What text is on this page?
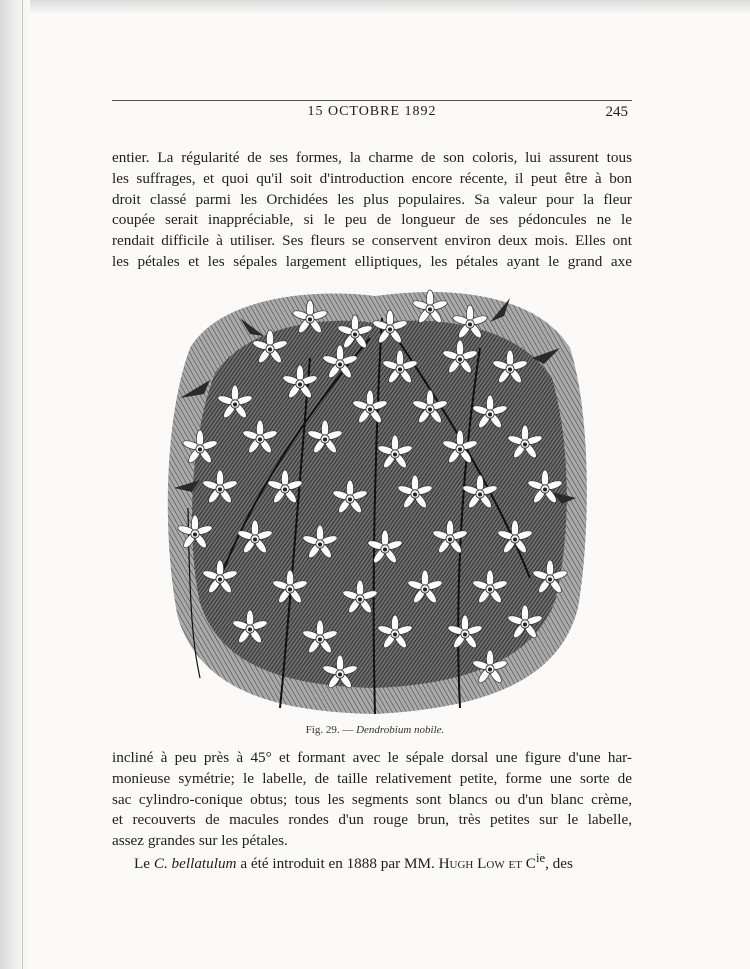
15 OCTOBRE 1892	245
entier. La régularité de ses formes, la charme de son coloris, lui assurent tous
les suffrages, et quoi qu'il soit d'introduction encore récente, il peut être à bon
droit classé parmi les Orchidées les plus populaires. Sa valeur pour la fleur
coupée serait inappréciable, si le peu de longueur de ses pédoncules ne le
rendait difficile à utiliser. Ses fleurs se conservent environ deux mois. Elles ont
les pétales et les sépales largement elliptiques, les pétales ayant le grand axe
Fig. 29. — Dendrobium nobile.
incliné à peu près à 45° et formant avec le sépale dorsal une figure d'une har-
monieuse symétrie; le labelle, de taille relativement petite, forme une sorte de
sac cylindro-conique obtus; tous les segments sont blancs ou d'un blanc crème,
et recouverts de macules rondes d'un rouge brun, très petites sur le labelle,
assez grandes sur les pétales.
Le C. bellatulum a été introduit en 1888 par MM. Hugh Low et $C^{ie}$, des
